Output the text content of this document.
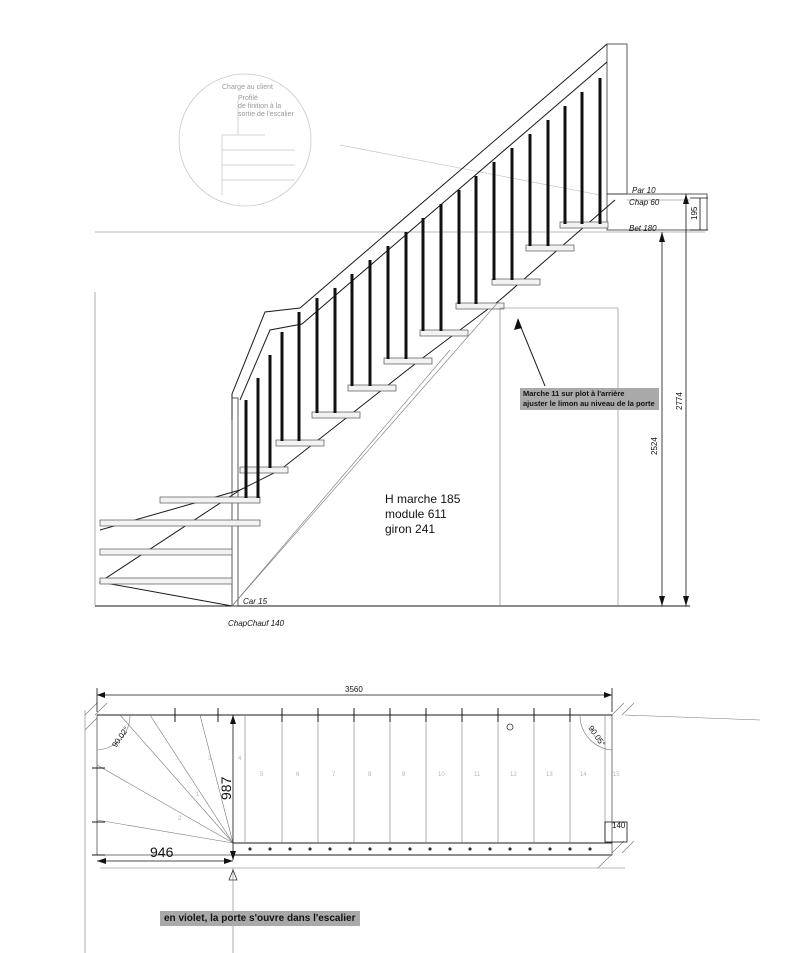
2524
2774
195
Par 10
Chap 60
Bet 180
Car 15
ChapChauf 140
Charge au client
Profilé
de finition à la
sortie de l'escalier
3560
987
946
140
90.02°	90.05°
1
2
3	4
5	6	7	8	9	10	11	12	13	14	15
Marche 11 sur plot à l'arrière
ajuster le limon au niveau de la porte
H marche 185
module 611
giron 241
en violet, la porte s'ouvre dans l'escalier
